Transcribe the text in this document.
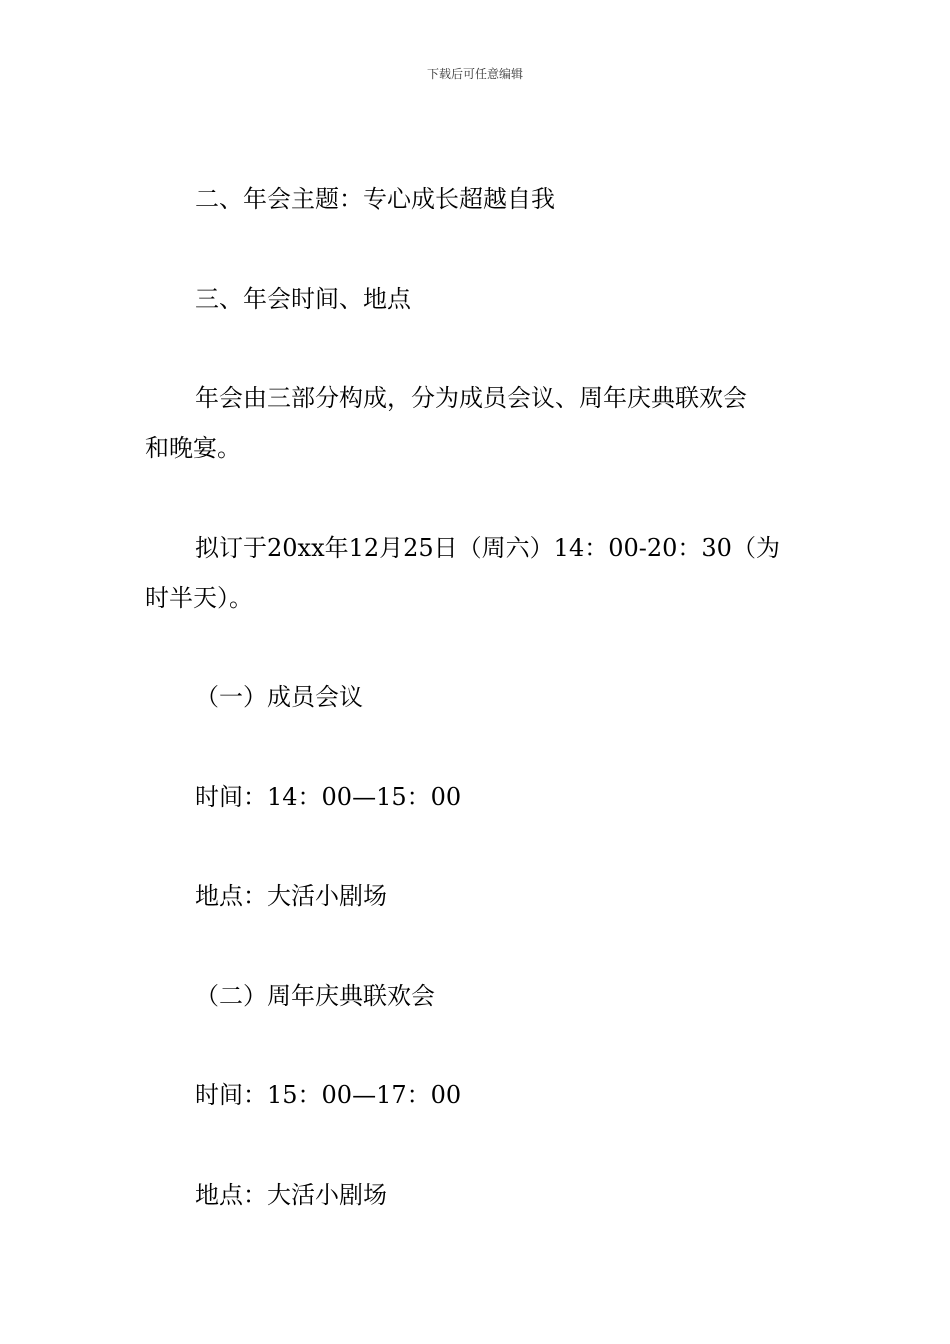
下载后可任意编辑
二、年会主题：专心成长超越自我
三、年会时间、地点
年会由三部分构成，分为成员会议、周年庆典联欢会
和晚宴。
拟订于20xx年12月25日（周六）14：00-20：30（为
时半天）。
（一）成员会议
时间：14：00—15：00
地点：大活小剧场
（二）周年庆典联欢会
时间：15：00—17：00
地点：大活小剧场
